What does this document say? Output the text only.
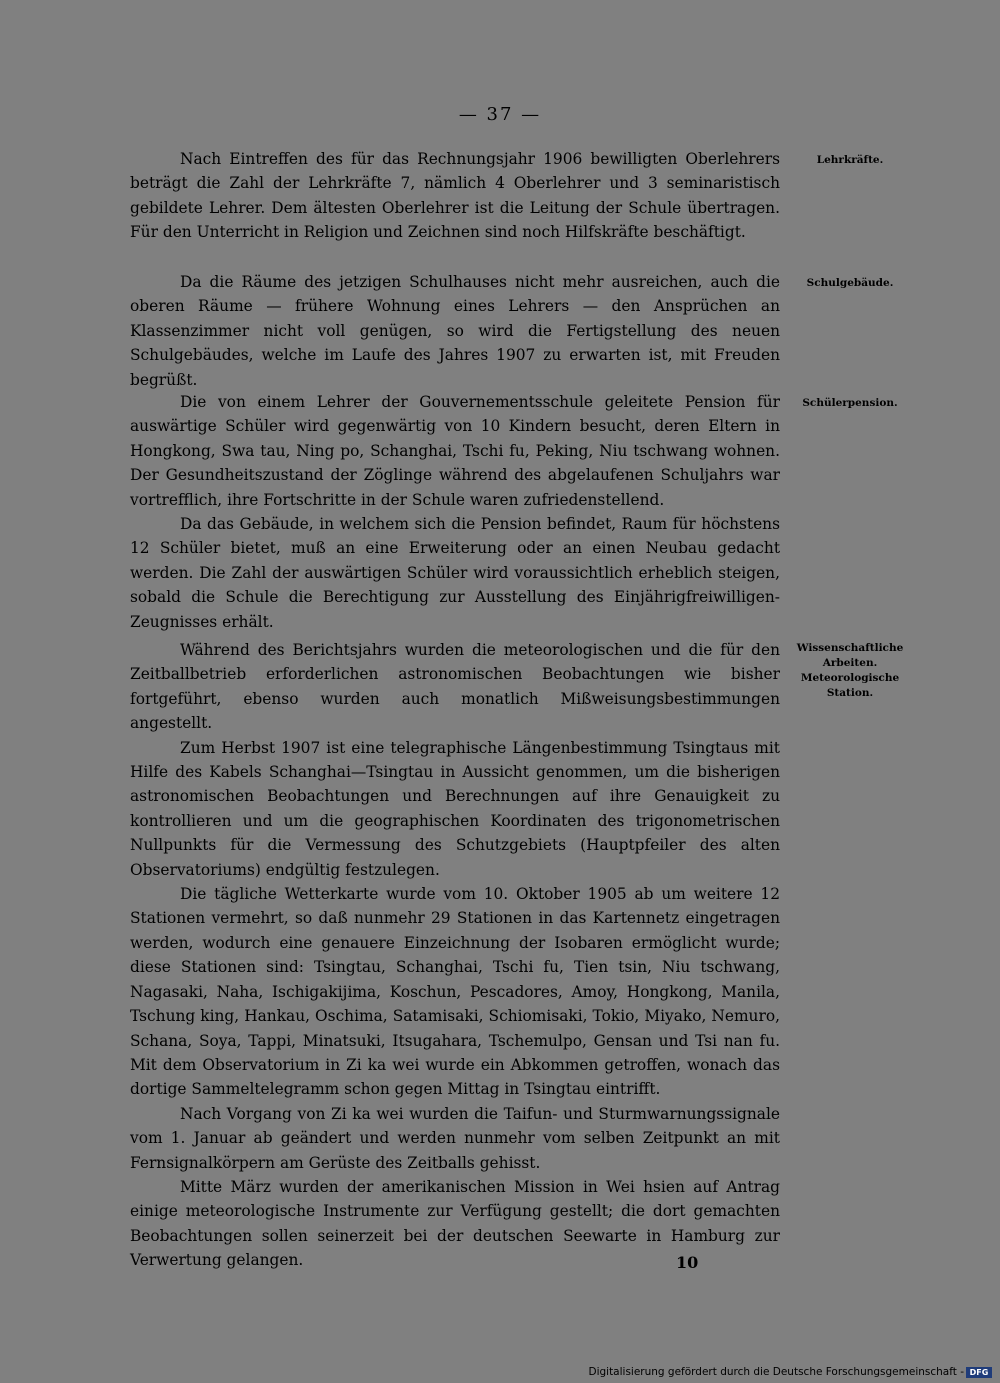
— 37 —

Nach Eintreffen des für das Rechnungsjahr 1906 bewilligten Oberlehrers beträgt die Zahl der Lehrkräfte 7, nämlich 4 Oberlehrer und 3 seminaristisch gebildete Lehrer. Dem ältesten Oberlehrer ist die Leitung der Schule übertragen. Für den Unterricht in Religion und Zeichnen sind noch Hilfskräfte beschäftigt.

Lehrkräfte.

Da die Räume des jetzigen Schulhauses nicht mehr ausreichen, auch die oberen Räume — frühere Wohnung eines Lehrers — den Ansprüchen an Klassenzimmer nicht voll genügen, so wird die Fertigstellung des neuen Schulgebäudes, welche im Laufe des Jahres 1907 zu erwarten ist, mit Freuden begrüßt.

Schulgebäude.

Die von einem Lehrer der Gouvernementsschule geleitete Pension für auswärtige Schüler wird gegenwärtig von 10 Kindern besucht, deren Eltern in Hongkong, Swa tau, Ning po, Schanghai, Tschi fu, Peking, Niu tschwang wohnen. Der Gesundheitszustand der Zöglinge während des abgelaufenen Schuljahrs war vortrefflich, ihre Fortschritte in der Schule waren zufriedenstellend.

Da das Gebäude, in welchem sich die Pension befindet, Raum für höchstens 12 Schüler bietet, muß an eine Erweiterung oder an einen Neubau gedacht werden. Die Zahl der auswärtigen Schüler wird voraussichtlich erheblich steigen, sobald die Schule die Berechtigung zur Ausstellung des Einjährigfreiwilligen-Zeugnisses erhält.

Schülerpension.

Während des Berichtsjahrs wurden die meteorologischen und die für den Zeitballbetrieb erforderlichen astronomischen Beobachtungen wie bisher fortgeführt, ebenso wurden auch monatlich Mißweisungsbestimmungen angestellt.

Zum Herbst 1907 ist eine telegraphische Längenbestimmung Tsingtaus mit Hilfe des Kabels Schanghai—Tsingtau in Aussicht genommen, um die bisherigen astronomischen Beobachtungen und Berechnungen auf ihre Genauigkeit zu kontrollieren und um die geographischen Koordinaten des trigonometrischen Nullpunkts für die Vermessung des Schutzgebiets (Hauptpfeiler des alten Observatoriums) endgültig festzulegen.

Die tägliche Wetterkarte wurde vom 10. Oktober 1905 ab um weitere 12 Stationen vermehrt, so daß nunmehr 29 Stationen in das Kartennetz eingetragen werden, wodurch eine genauere Einzeichnung der Isobaren ermöglicht wurde; diese Stationen sind: Tsingtau, Schanghai, Tschi fu, Tien tsin, Niu tschwang, Nagasaki, Naha, Ischigakijima, Koschun, Pescadores, Amoy, Hongkong, Manila, Tschung king, Hankau, Oschima, Satamisaki, Schiomisaki, Tokio, Miyako, Nemuro, Schana, Soya, Tappi, Minatsuki, Itsugahara, Tschemulpo, Gensan und Tsi nan fu. Mit dem Observatorium in Zi ka wei wurde ein Abkommen getroffen, wonach das dortige Sammeltelegramm schon gegen Mittag in Tsingtau eintrifft.

Nach Vorgang von Zi ka wei wurden die Taifun- und Sturmwarnungssignale vom 1. Januar ab geändert und werden nunmehr vom selben Zeitpunkt an mit Fernsignalkörpern am Gerüste des Zeitballs gehisst.

Mitte März wurden der amerikanischen Mission in Wei hsien auf Antrag einige meteorologische Instrumente zur Verfügung gestellt; die dort gemachten Beobachtungen sollen seinerzeit bei der deutschen Seewarte in Hamburg zur Verwertung gelangen.

Wissenschaftliche Arbeiten.
Meteorologische Station.
10
Digitalisierung gefördert durch die Deutsche Forschungsgemeinschaft - DFG
